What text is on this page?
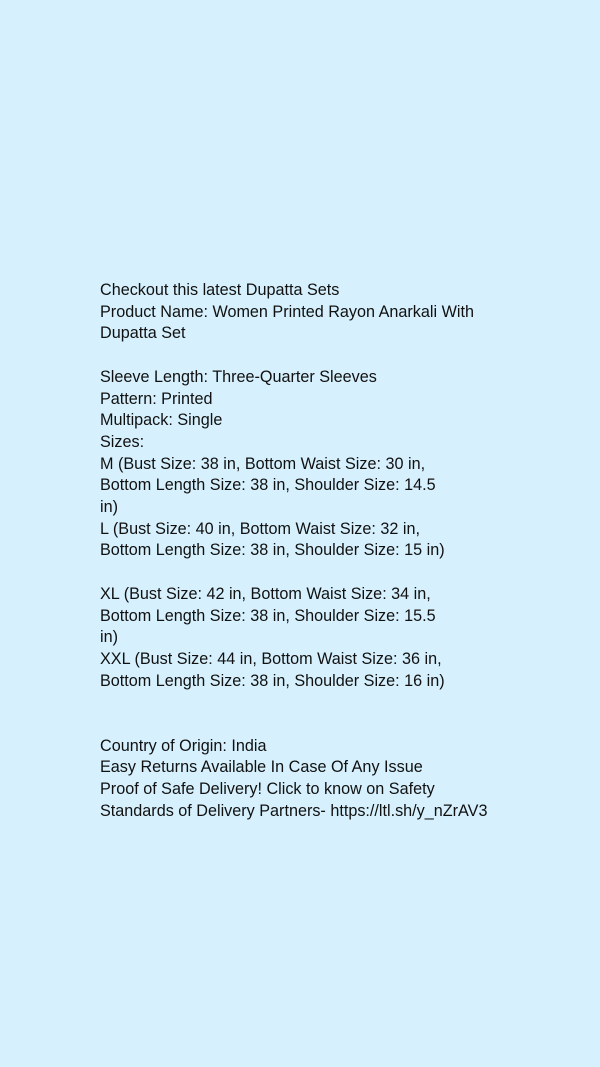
Checkout this latest Dupatta Sets

Product Name: Women Printed Rayon Anarkali With

Dupatta Set

Sleeve Length: Three-Quarter Sleeves

Pattern: Printed

Multipack: Single

Sizes:

M (Bust Size: 38 in, Bottom Waist Size: 30 in,

Bottom Length Size: 38 in, Shoulder Size: 14.5

in)

L (Bust Size: 40 in, Bottom Waist Size: 32 in,

Bottom Length Size: 38 in, Shoulder Size: 15 in)

XL (Bust Size: 42 in, Bottom Waist Size: 34 in,

Bottom Length Size: 38 in, Shoulder Size: 15.5

in)

XXL (Bust Size: 44 in, Bottom Waist Size: 36 in,

Bottom Length Size: 38 in, Shoulder Size: 16 in)

Country of Origin: India

Easy Returns Available In Case Of Any Issue

Proof of Safe Delivery! Click to know on Safety

Standards of Delivery Partners- https://ltl.sh/y_nZrAV3
